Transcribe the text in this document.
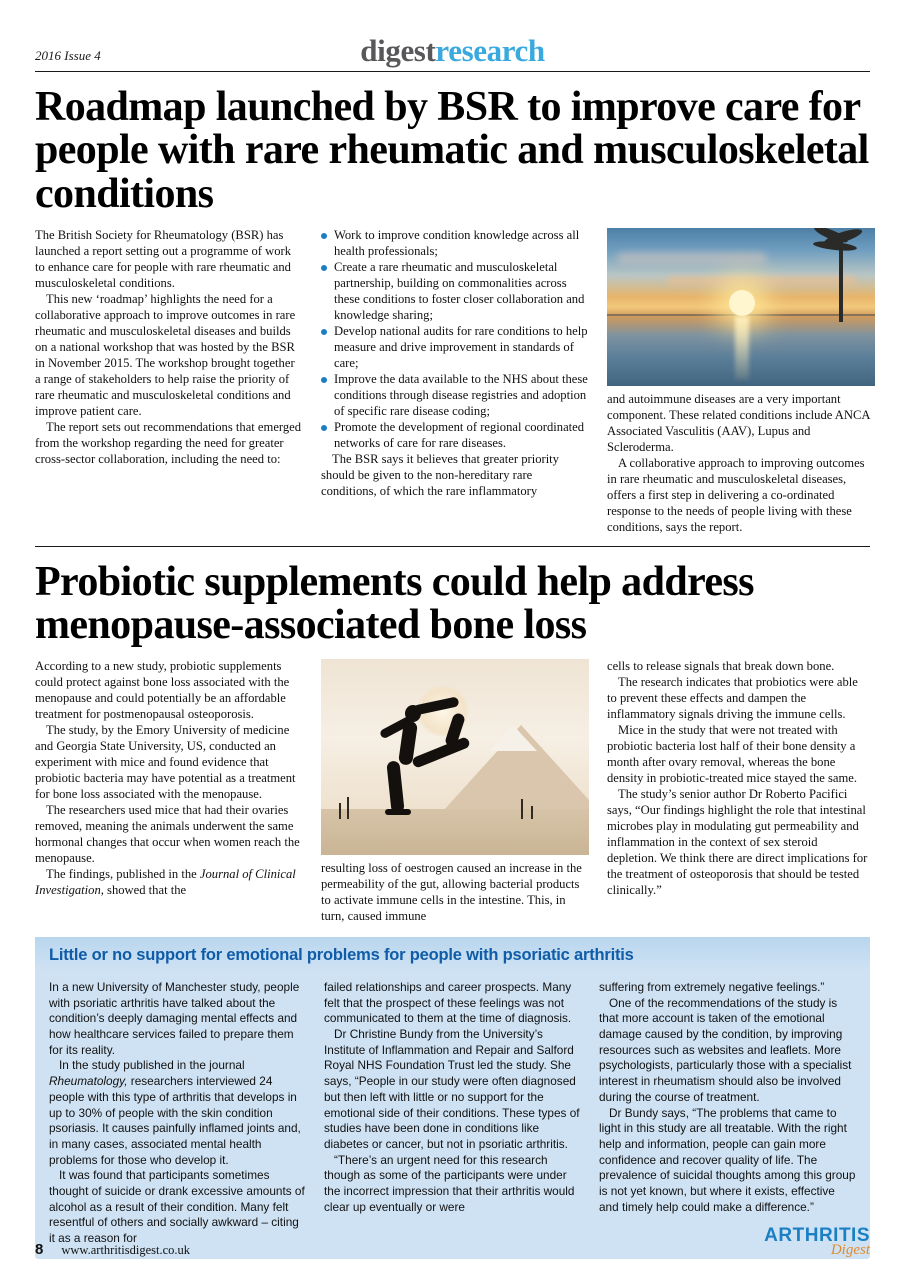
2016 Issue 4	digestresearch
Roadmap launched by BSR to improve care for people with rare rheumatic and musculoskeletal conditions

The British Society for Rheumatology (BSR) has launched a report setting out a programme of work to enhance care for people with rare rheumatic and musculoskeletal conditions.

This new ‘roadmap’ highlights the need for a collaborative approach to improve outcomes in rare rheumatic and musculoskeletal diseases and builds on a national workshop that was hosted by the BSR in November 2015. The workshop brought together a range of stakeholders to help raise the priority of rare rheumatic and musculoskeletal conditions and improve patient care.

The report sets out recommendations that emerged from the workshop regarding the need for greater cross-sector collaboration, including the need to:

Work to improve condition knowledge across all health professionals;
Create a rare rheumatic and musculoskeletal partnership, building on commonalities across these conditions to foster closer collaboration and knowledge sharing;
Develop national audits for rare conditions to help measure and drive improvement in standards of care;
Improve the data available to the NHS about these conditions through disease registries and adoption of specific rare disease coding;
Promote the development of regional coordinated networks of care for rare diseases.
The BSR says it believes that greater priority should be given to the non-hereditary rare conditions, of which the rare inflammatory

and autoimmune diseases are a very important component. These related conditions include ANCA Associated Vasculitis (AAV), Lupus and Scleroderma.

A collaborative approach to improving outcomes in rare rheumatic and musculoskeletal diseases, offers a first step in delivering a co-ordinated response to the needs of people living with these conditions, says the report.

Probiotic supplements could help address menopause-associated bone loss

According to a new study, probiotic supplements could protect against bone loss associated with the menopause and could potentially be an affordable treatment for postmenopausal osteoporosis.

The study, by the Emory University of medicine and Georgia State University, US, conducted an experiment with mice and found evidence that probiotic bacteria may have potential as a treatment for bone loss associated with the menopause.

The researchers used mice that had their ovaries removed, meaning the animals underwent the same hormonal changes that occur when women reach the menopause.

The findings, published in the Journal of Clinical Investigation, showed that the

resulting loss of oestrogen caused an increase in the permeability of the gut, allowing bacterial products to activate immune cells in the intestine. This, in turn, caused immune

cells to release signals that break down bone.

The research indicates that probiotics were able to prevent these effects and dampen the inflammatory signals driving the immune cells.

Mice in the study that were not treated with probiotic bacteria lost half of their bone density a month after ovary removal, whereas the bone density in probiotic-treated mice stayed the same.

The study’s senior author Dr Roberto Pacifici says, “Our findings highlight the role that intestinal microbes play in modulating gut permeability and inflammation in the context of sex steroid depletion. We think there are direct implications for the treatment of osteoporosis that should be tested clinically.”

Little or no support for emotional problems for people with psoriatic arthritis

In a new University of Manchester study, people with psoriatic arthritis have talked about the condition’s deeply damaging mental effects and how healthcare services failed to prepare them for its reality.

In the study published in the journal Rheumatology, researchers interviewed 24 people with this type of arthritis that develops in up to 30% of people with the skin condition psoriasis. It causes painfully inflamed joints and, in many cases, associated mental health problems for those who develop it.

It was found that participants sometimes thought of suicide or drank excessive amounts of alcohol as a result of their condition. Many felt resentful of others and socially awkward – citing it as a reason for

failed relationships and career prospects. Many felt that the prospect of these feelings was not communicated to them at the time of diagnosis.

Dr Christine Bundy from the University’s Institute of Inflammation and Repair and Salford Royal NHS Foundation Trust led the study. She says, “People in our study were often diagnosed but then left with little or no support for the emotional side of their conditions. These types of studies have been done in conditions like diabetes or cancer, but not in psoriatic arthritis.

“There’s an urgent need for this research though as some of the participants were under the incorrect impression that their arthritis would clear up eventually or were

suffering from extremely negative feelings.”

One of the recommendations of the study is that more account is taken of the emotional damage caused by the condition, by improving resources such as websites and leaflets. More psychologists, particularly those with a specialist interest in rheumatism should also be involved during the course of treatment.

Dr Bundy says, “The problems that came to light in this study are all treatable. With the right help and information, people can gain more confidence and recover quality of life. The prevalence of suicidal thoughts among this group is not yet known, but where it exists, effective and timely help could make a difference.”

8 www.arthritisdigest.co.uk
ARTHRITIS
Digest
